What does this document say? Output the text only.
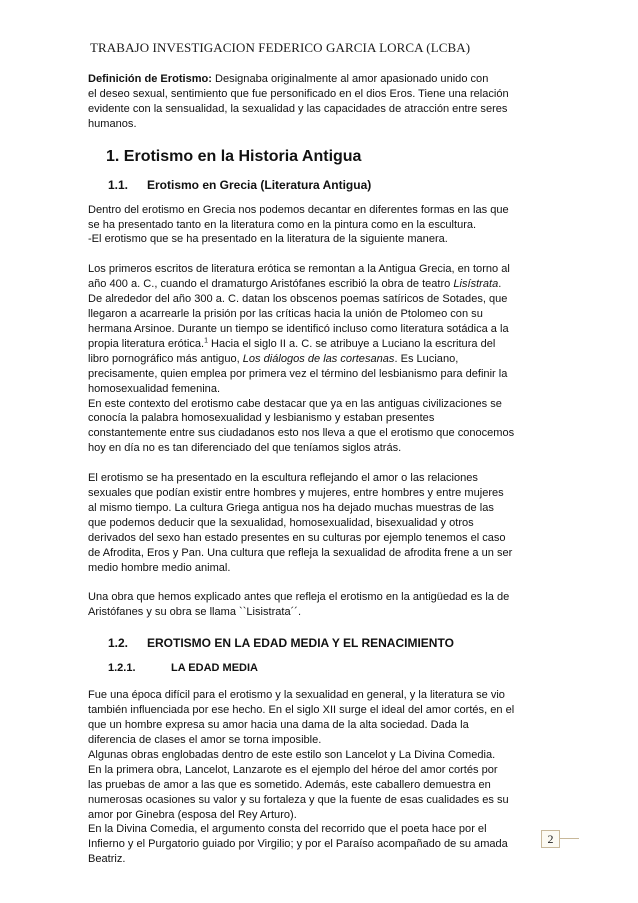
TRABAJO INVESTIGACION FEDERICO GARCIA LORCA (LCBA)

Definición de Erotismo: Designaba originalmente al amor apasionado unido con
el deseo sexual, sentimiento que fue personificado en el dios Eros. Tiene una relación
evidente con la sensualidad, la sexualidad y las capacidades de atracción entre seres
humanos.

1. Erotismo en la Historia Antigua
1.1.	Erotismo en Grecia (Literatura Antigua)

Dentro del erotismo en Grecia nos podemos decantar en diferentes formas en las que
se ha presentado tanto en la literatura como en la pintura como en la escultura.
-El erotismo que se ha presentado en la literatura de la siguiente manera.

Los primeros escritos de literatura erótica se remontan a la Antigua Grecia, en torno al
año 400 a. C., cuando el dramaturgo Aristófanes escribió la obra de teatro Lisístrata.
De alrededor del año 300 a. C. datan los obscenos poemas satíricos de Sotades, que
llegaron a acarrearle la prisión por las críticas hacia la unión de Ptolomeo con su
hermana Arsinoe. Durante un tiempo se identificó incluso como literatura sotádica a la
propia literatura erótica.$^1$ Hacia el siglo II a. C. se atribuye a Luciano la escritura del
libro pornográfico más antiguo, Los diálogos de las cortesanas. Es Luciano,
precisamente, quien emplea por primera vez el término del lesbianismo para definir la
homosexualidad femenina.
En este contexto del erotismo cabe destacar que ya en las antiguas civilizaciones se
conocía la palabra homosexualidad y lesbianismo y estaban presentes
constantemente entre sus ciudadanos esto nos lleva a que el erotismo que conocemos
hoy en día no es tan diferenciado del que teníamos siglos atrás.

El erotismo se ha presentado en la escultura reflejando el amor o las relaciones
sexuales que podían existir entre hombres y mujeres, entre hombres y entre mujeres
al mismo tiempo. La cultura Griega antigua nos ha dejado muchas muestras de las
que podemos deducir que la sexualidad, homosexualidad, bisexualidad y otros
derivados del sexo han estado presentes en su culturas por ejemplo tenemos el caso
de Afrodita, Eros y Pan. Una cultura que refleja la sexualidad de afrodita frene a un ser
medio hombre medio animal.

Una obra que hemos explicado antes que refleja el erotismo en la antigüedad es la de
Aristófanes y su obra se llama ``Lisistrata´´.

1.2.	EROTISMO EN LA EDAD MEDIA Y EL RENACIMIENTO
1.2.1.	LA EDAD MEDIA

Fue una época difícil para el erotismo y la sexualidad en general, y la literatura se vio
también influenciada por ese hecho. En el siglo XII surge el ideal del amor cortés, en el
que un hombre expresa su amor hacia una dama de la alta sociedad. Dada la
diferencia de clases el amor se torna imposible.
Algunas obras englobadas dentro de este estilo son Lancelot y La Divina Comedia.
En la primera obra, Lancelot, Lanzarote es el ejemplo del héroe del amor cortés por
las pruebas de amor a las que es sometido. Además, este caballero demuestra en
numerosas ocasiones su valor y su fortaleza y que la fuente de esas cualidades es su
amor por Ginebra (esposa del Rey Arturo).
En la Divina Comedia, el argumento consta del recorrido que el poeta hace por el
Infierno y el Purgatorio guiado por Virgilio; y por el Paraíso acompañado de su amada
Beatriz.

2
